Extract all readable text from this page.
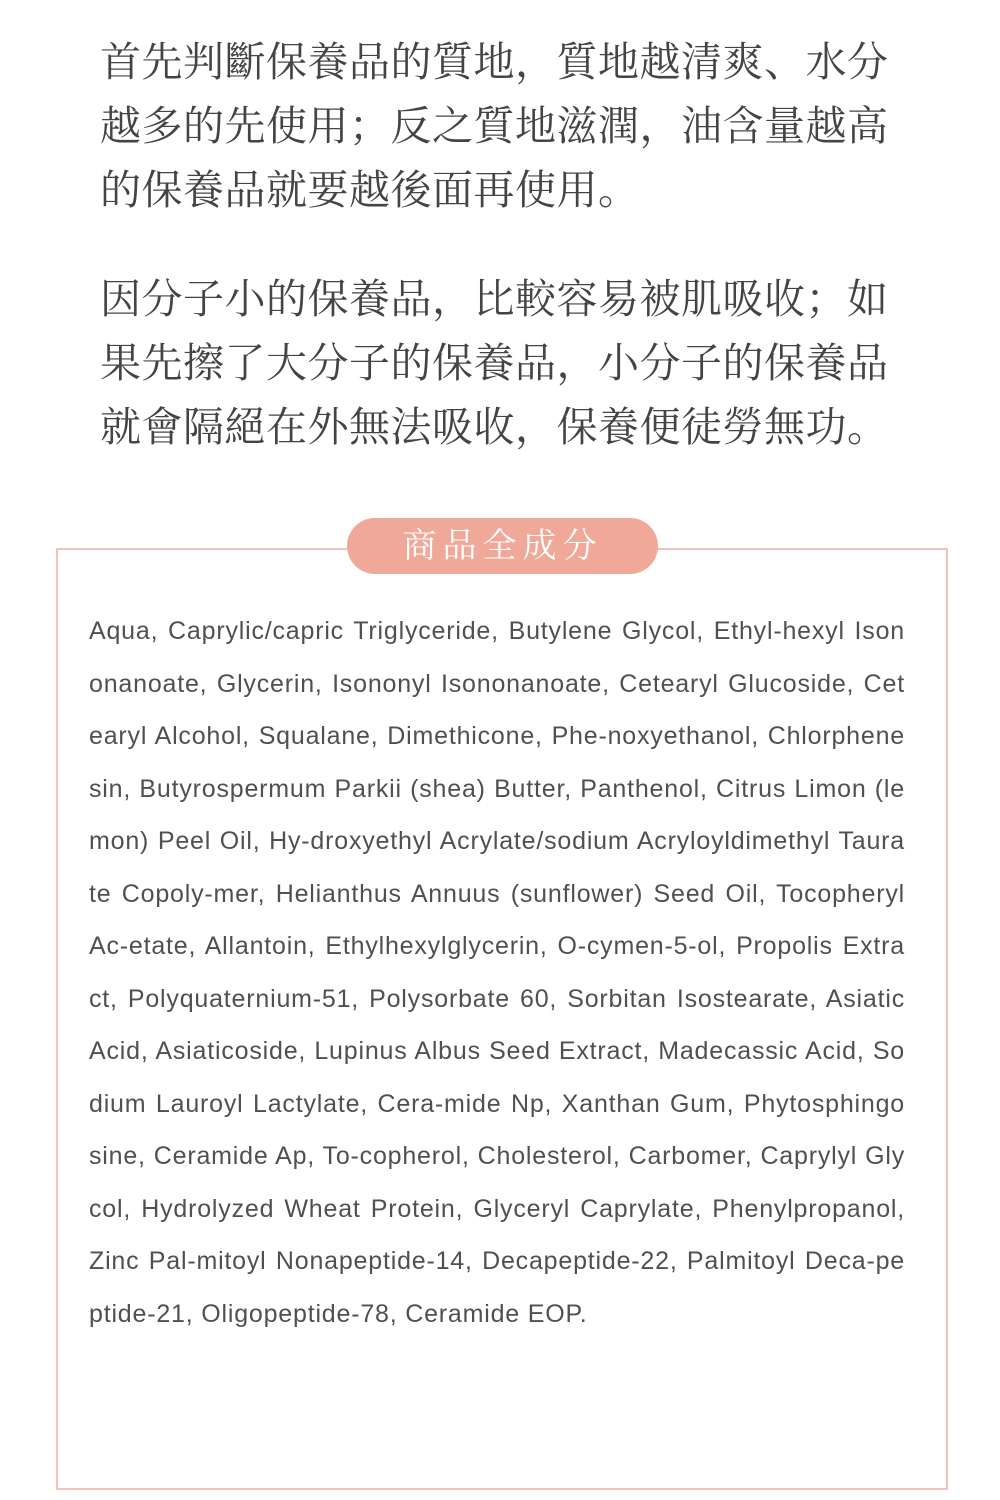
首先判斷保養品的質地，質地越清爽、水分越多的先使用；反之質地滋潤，油含量越高的保養品就要越後面再使用。

因分子小的保養品，比較容易被肌吸收；如果先擦了大分子的保養品，小分子的保養品就會隔絕在外無法吸收，保養便徒勞無功。

商品全成分

Aqua, Caprylic/capric Triglyceride, Butylene Glycol, Ethyl-hexyl Isononanoate, Glycerin, Isononyl Isononanoate, Cetearyl Glucoside, Cetearyl Alcohol, Squalane, Dimethicone, Phe-noxyethanol, Chlorphenesin, Butyrospermum Parkii (shea) Butter, Panthenol, Citrus Limon (lemon) Peel Oil, Hy-droxyethyl Acrylate/sodium Acryloyldimethyl Taurate Copoly-mer, Helianthus Annuus (sunflower) Seed Oil, Tocopheryl Ac-etate, Allantoin, Ethylhexylglycerin, O-cymen-5-ol, Propolis Extract, Polyquaternium-51, Polysorbate 60, Sorbitan Isostearate, Asiatic Acid, Asiaticoside, Lupinus Albus Seed Extract, Madecassic Acid, Sodium Lauroyl Lactylate, Cera-mide Np, Xanthan Gum, Phytosphingosine, Ceramide Ap, To-copherol, Cholesterol, Carbomer, Caprylyl Glycol, Hydrolyzed Wheat Protein, Glyceryl Caprylate, Phenylpropanol, Zinc Pal-mitoyl Nonapeptide-14, Decapeptide-22, Palmitoyl Deca-peptide-21, Oligopeptide-78, Ceramide EOP.
